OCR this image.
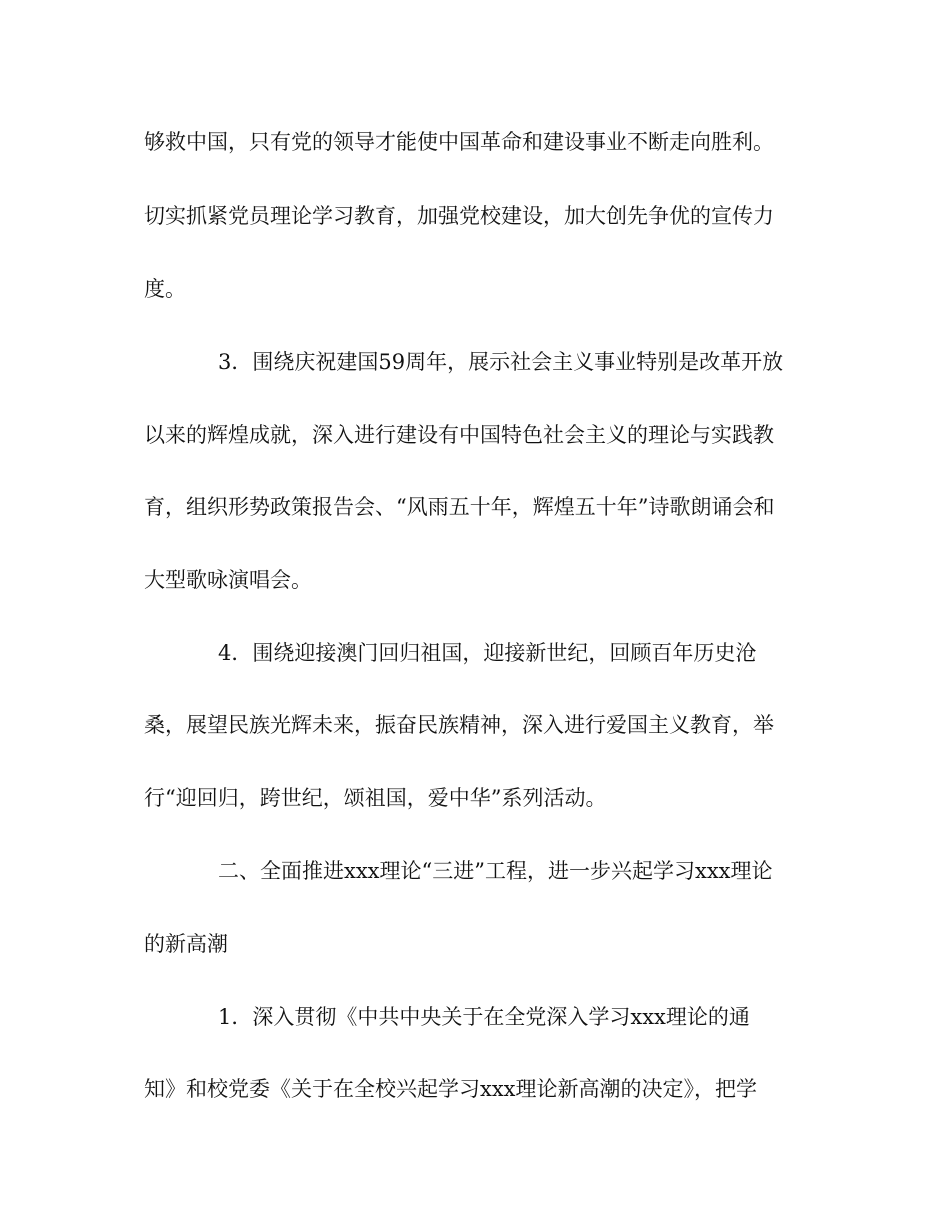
够救中国，只有党的领导才能使中国革命和建设事业不断走向胜利。
切实抓紧党员理论学习教育，加强党校建设，加大创先争优的宣传力
度。
3．围绕庆祝建国59周年，展示社会主义事业特别是改革开放
以来的辉煌成就，深入进行建设有中国特色社会主义的理论与实践教
育，组织形势政策报告会、“风雨五十年，辉煌五十年”诗歌朗诵会和
大型歌咏演唱会。
4．围绕迎接澳门回归祖国，迎接新世纪，回顾百年历史沧
桑，展望民族光辉未来，振奋民族精神，深入进行爱国主义教育，举
行“迎回归，跨世纪，颂祖国，爱中华”系列活动。
二、全面推进xxx理论“三进”工程，进一步兴起学习xxx理论
的新高潮
1．深入贯彻《中共中央关于在全党深入学习xxx理论的通
知》和校党委《关于在全校兴起学习xxx理论新高潮的决定》，把学
